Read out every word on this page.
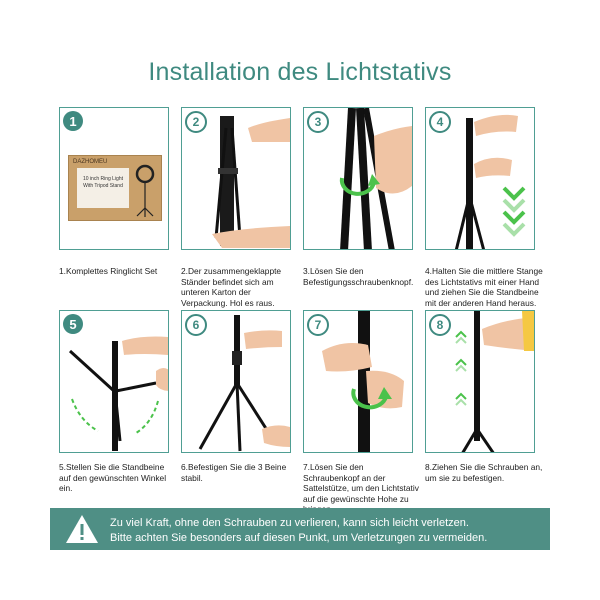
Installation des Lichtstativs
1
DAZHOMEU
10 inch Ring Light
With Tripod Stand
2	3	4
1.Komplettes Ringlicht Set	2.Der zusammengeklappte Ständer befindet sich am unteren Karton der Verpackung. Hol es raus.
3.Lösen Sie den Befestigungsschraubenknopf.
4.Halten Sie die mittlere Stange des Lichtstativs mit einer Hand und ziehen Sie die Standbeine mit der anderen Hand heraus.
5	6	7	8
5.Stellen Sie die Standbeine auf den gewünschten Winkel ein.
6.Befestigen Sie die 3 Beine stabil.
7.Lösen Sie den Schraubenkopf an der Sattelstütze, um den Lichtstativ auf die gewünschte Hohe zu
8.Ziehen Sie die Schrauben an, um sie zu befestigen.
Zu viel Kraft, ohne den Schrauben zu verlieren, kann sich leicht verletzen.
Bitte achten Sie besonders auf diesen Punkt, um Verletzungen zu vermeiden.
